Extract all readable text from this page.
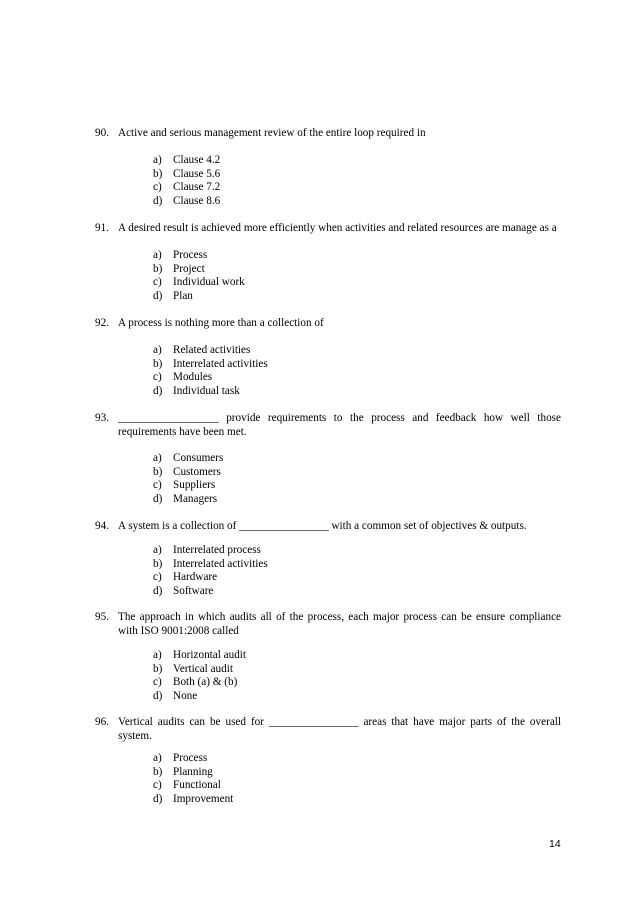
90. Active and serious management review of the entire loop required in
a)	Clause 4.2
b) Clause 5.6
c)	Clause 7.2
d) Clause 8.6
91. A desired result is achieved more efficiently when activities and related resources are manage as a
a)	Process
b) Project
c)	Individual work
d) Plan
92. A process is nothing more than a collection of
a)	Related activities
b) Interrelated activities
c)	Modules
d) Individual task
93. __________________ provide requirements to the process and feedback how well those requirements have been met.
a)	Consumers
b) Customers
c)	Suppliers
d) Managers
94. A system is a collection of ________________ with a common set of objectives & outputs.
a)	Interrelated process
b) Interrelated activities
c)	Hardware
d) Software
95. The approach in which audits all of the process, each major process can be ensure compliance with ISO 9001:2008 called
a)	Horizontal audit
b) Vertical audit
c)	Both (a) & (b)
d) None
96. Vertical audits can be used for ________________ areas that have major parts of the overall system.
a)	Process
b) Planning
c)	Functional
d) Improvement
14
